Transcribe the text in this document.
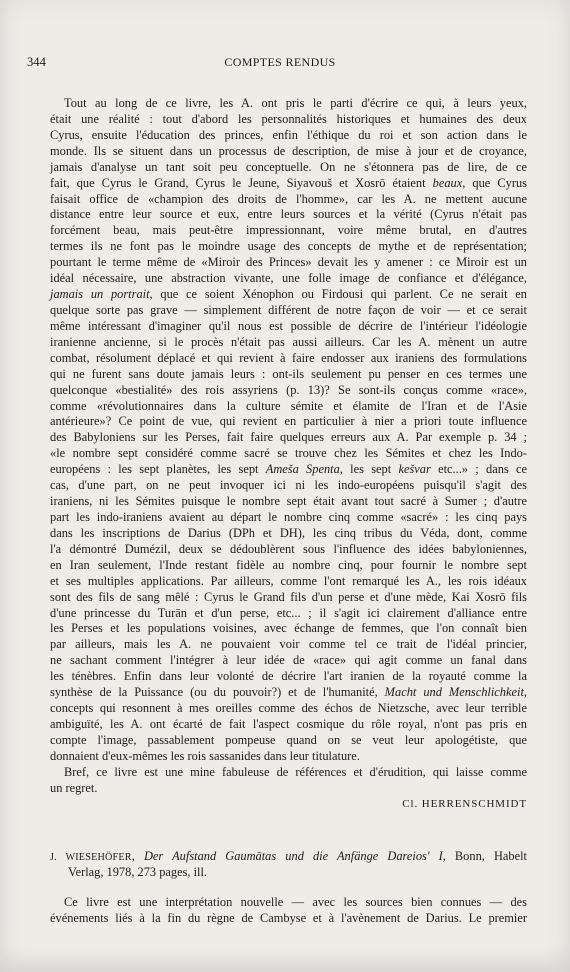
344	COMPTES RENDUS
Tout au long de ce livre, les A. ont pris le parti d'écrire ce qui, à leurs yeux,
était une réalité : tout d'abord les personnalités historiques et humaines des deux
Cyrus, ensuite l'éducation des princes, enfin l'éthique du roi et son action dans le
monde. Ils se situent dans un processus de description, de mise à jour et de croyance,
jamais d'analyse un tant soit peu conceptuelle. On ne s'étonnera pas de lire, de ce
fait, que Cyrus le Grand, Cyrus le Jeune, Siyavouš et Xosrō étaient beaux, que Cyrus
faisait office de «champion des droits de l'homme», car les A. ne mettent aucune
distance entre leur source et eux, entre leurs sources et la vérité (Cyrus n'était pas
forcément beau, mais peut-être impressionnant, voire même brutal, en d'autres
termes ils ne font pas le moindre usage des concepts de mythe et de représentation;
pourtant le terme même de «Miroir des Princes» devait les y amener : ce Miroir est un
idéal nécessaire, une abstraction vivante, une folle image de confiance et d'élégance,
jamais un portrait, que ce soient Xénophon ou Firdousi qui parlent. Ce ne serait en
quelque sorte pas grave — simplement différent de notre façon de voir — et ce serait
même intéressant d'imaginer qu'il nous est possible de décrire de l'intérieur l'idéologie
iranienne ancienne, si le procès n'était pas aussi ailleurs. Car les A. mènent un autre
combat, résolument déplacé et qui revient à faire endosser aux iraniens des formulations
qui ne furent sans doute jamais leurs : ont-ils seulement pu penser en ces termes une
quelconque «bestialité» des rois assyriens (p. 13)? Se sont-ils conçus comme «race»,
comme «révolutionnaires dans la culture sémite et élamite de l'Iran et de l'Asie
antérieure»? Ce point de vue, qui revient en particulier à nier a priori toute influence
des Babyloniens sur les Perses, fait faire quelques erreurs aux A. Par exemple p. 34 ;
«le nombre sept considéré comme sacré se trouve chez les Sémites et chez les Indo-
européens : les sept planètes, les sept Ameša Spenta, les sept kešvar etc...» ; dans ce
cas, d'une part, on ne peut invoquer ici ni les indo-européens puisqu'il s'agit des
iraniens, ni les Sémites puisque le nombre sept était avant tout sacré à Sumer ; d'autre
part les indo-iraniens avaient au départ le nombre cinq comme «sacré» : les cinq pays
dans les inscriptions de Darius (DPh et DH), les cinq tribus du Véda, dont, comme
l'a démontré Dumézil, deux se dédoublèrent sous l'influence des idées babyloniennes,
en Iran seulement, l'Inde restant fidèle au nombre cinq, pour fournir le nombre sept
et ses multiples applications. Par ailleurs, comme l'ont remarqué les A., les rois idéaux
sont des fils de sang mêlé : Cyrus le Grand fils d'un perse et d'une mède, Kai Xosrō fils
d'une princesse du Turān et d'un perse, etc... ; il s'agit ici clairement d'alliance entre
les Perses et les populations voisines, avec échange de femmes, que l'on connaît bien
par ailleurs, mais les A. ne pouvaient voir comme tel ce trait de l'idéal princier,
ne sachant comment l'intégrer à leur idée de «race» qui agit comme un fanal dans
les ténèbres. Enfin dans leur volonté de décrire l'art iranien de la royauté comme la
synthèse de la Puissance (ou du pouvoir?) et de l'humanité, Macht und Menschlichkeit,
concepts qui resonnent à mes oreilles comme des échos de Nietzsche, avec leur terrible
ambiguïté, les A. ont écarté de fait l'aspect cosmique du rôle royal, n'ont pas pris en
compte l'image, passablement pompeuse quand on se veut leur apologétiste, que
donnaient d'eux-mêmes les rois sassanides dans leur titulature.
Bref, ce livre est une mine fabuleuse de références et d'érudition, qui laisse comme
un regret.
Cl. HERRENSCHMIDT
J. WIESEHÖFER, Der Aufstand Gaumātas und die Anfänge Dareios' I, Bonn, Habelt
Verlag, 1978, 273 pages, ill.
Ce livre est une interprétation nouvelle — avec les sources bien connues — des
événements liés à la fin du règne de Cambyse et à l'avènement de Darius. Le premier
